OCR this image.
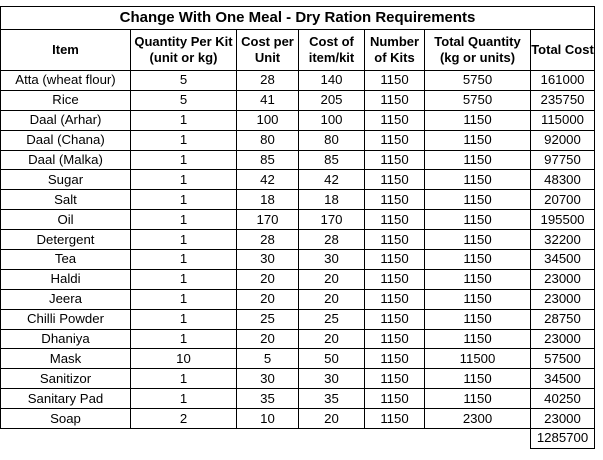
Change With One Meal - Dry Ration Requirements						
Item	Quantity Per Kit (unit or kg)	Cost per Unit	Cost of item/kit	Number of Kits	Total Quantity (kg or units)	Total Cost
Atta (wheat flour)	5	28	140	1150	5750	161000
Rice	5	41	205	1150	5750	235750
Daal (Arhar)	1	100	100	1150	1150	115000
Daal (Chana)	1	80	80	1150	1150	92000
Daal (Malka)	1	85	85	1150	1150	97750
Sugar	1	42	42	1150	1150	48300
Salt	1	18	18	1150	1150	20700
Oil	1	170	170	1150	1150	195500
Detergent	1	28	28	1150	1150	32200
Tea	1	30	30	1150	1150	34500
Haldi	1	20	20	1150	1150	23000
Jeera	1	20	20	1150	1150	23000
Chilli Powder	1	25	25	1150	1150	28750
Dhaniya	1	20	20	1150	1150	23000
Mask	10	5	50	1150	11500	57500
Sanitizor	1	30	30	1150	1150	34500
Sanitary Pad	1	35	35	1150	1150	40250
Soap	2	10	20	1150	2300	23000
						1285700
